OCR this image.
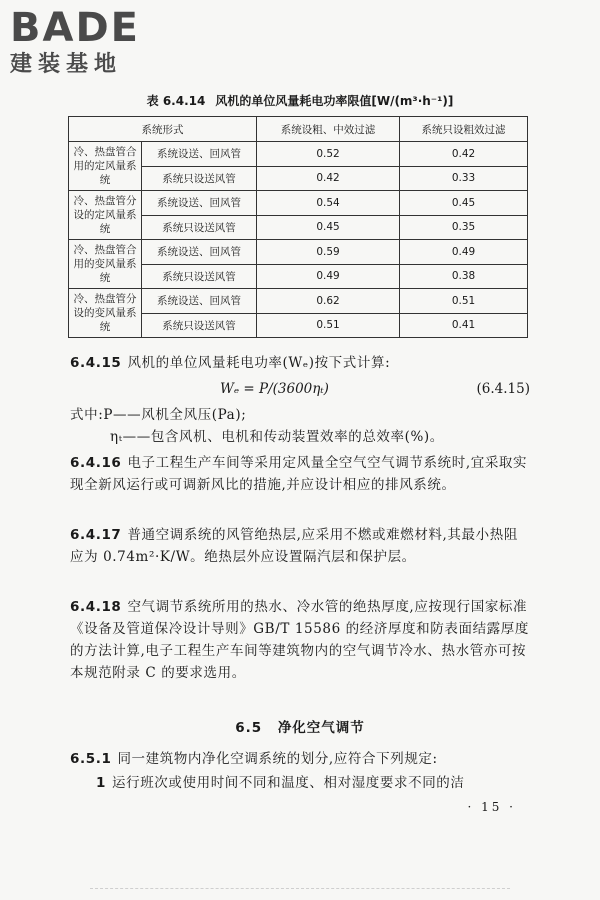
BADE
建装基地
表 6.4.14 风机的单位风量耗电功率限值[W/(m³·h⁻¹)]
系统形式		系统设粗、中效过滤	系统只设粗效过滤
冷、热盘管合用的定风量系统	系统设送、回风管	0.52	0.42
	系统只设送风管	0.42	0.33
冷、热盘管分设的定风量系统	系统设送、回风管	0.54	0.45
	系统只设送风管	0.45	0.35
冷、热盘管合用的变风量系统	系统设送、回风管	0.59	0.49
	系统只设送风管	0.49	0.38
冷、热盘管分设的变风量系统	系统设送、回风管	0.62	0.51
	系统只设送风管	0.51	0.41
6.4.15 风机的单位风量耗电功率(Wₑ)按下式计算:
Wₑ = P/(3600ηₜ)	(6.4.15)
式中:P——风机全风压(Pa);
ηₜ——包含风机、电机和传动装置效率的总效率(%)。
6.4.16 电子工程生产车间等采用定风量全空气空气调节系统时,宜采取实现全新风运行或可调新风比的措施,并应设计相应的排风系统。
6.4.17 普通空调系统的风管绝热层,应采用不燃或难燃材料,其最小热阻应为 0.74m²·K/W。绝热层外应设置隔汽层和保护层。
6.4.18 空气调节系统所用的热水、冷水管的绝热厚度,应按现行国家标准《设备及管道保冷设计导则》GB/T 15586 的经济厚度和防表面结露厚度的方法计算,电子工程生产车间等建筑物内的空气调节冷水、热水管亦可按本规范附录 C 的要求选用。
6.5 净化空气调节
6.5.1 同一建筑物内净化空调系统的划分,应符合下列规定:
1 运行班次或使用时间不同和温度、相对湿度要求不同的洁
· 15 ·
